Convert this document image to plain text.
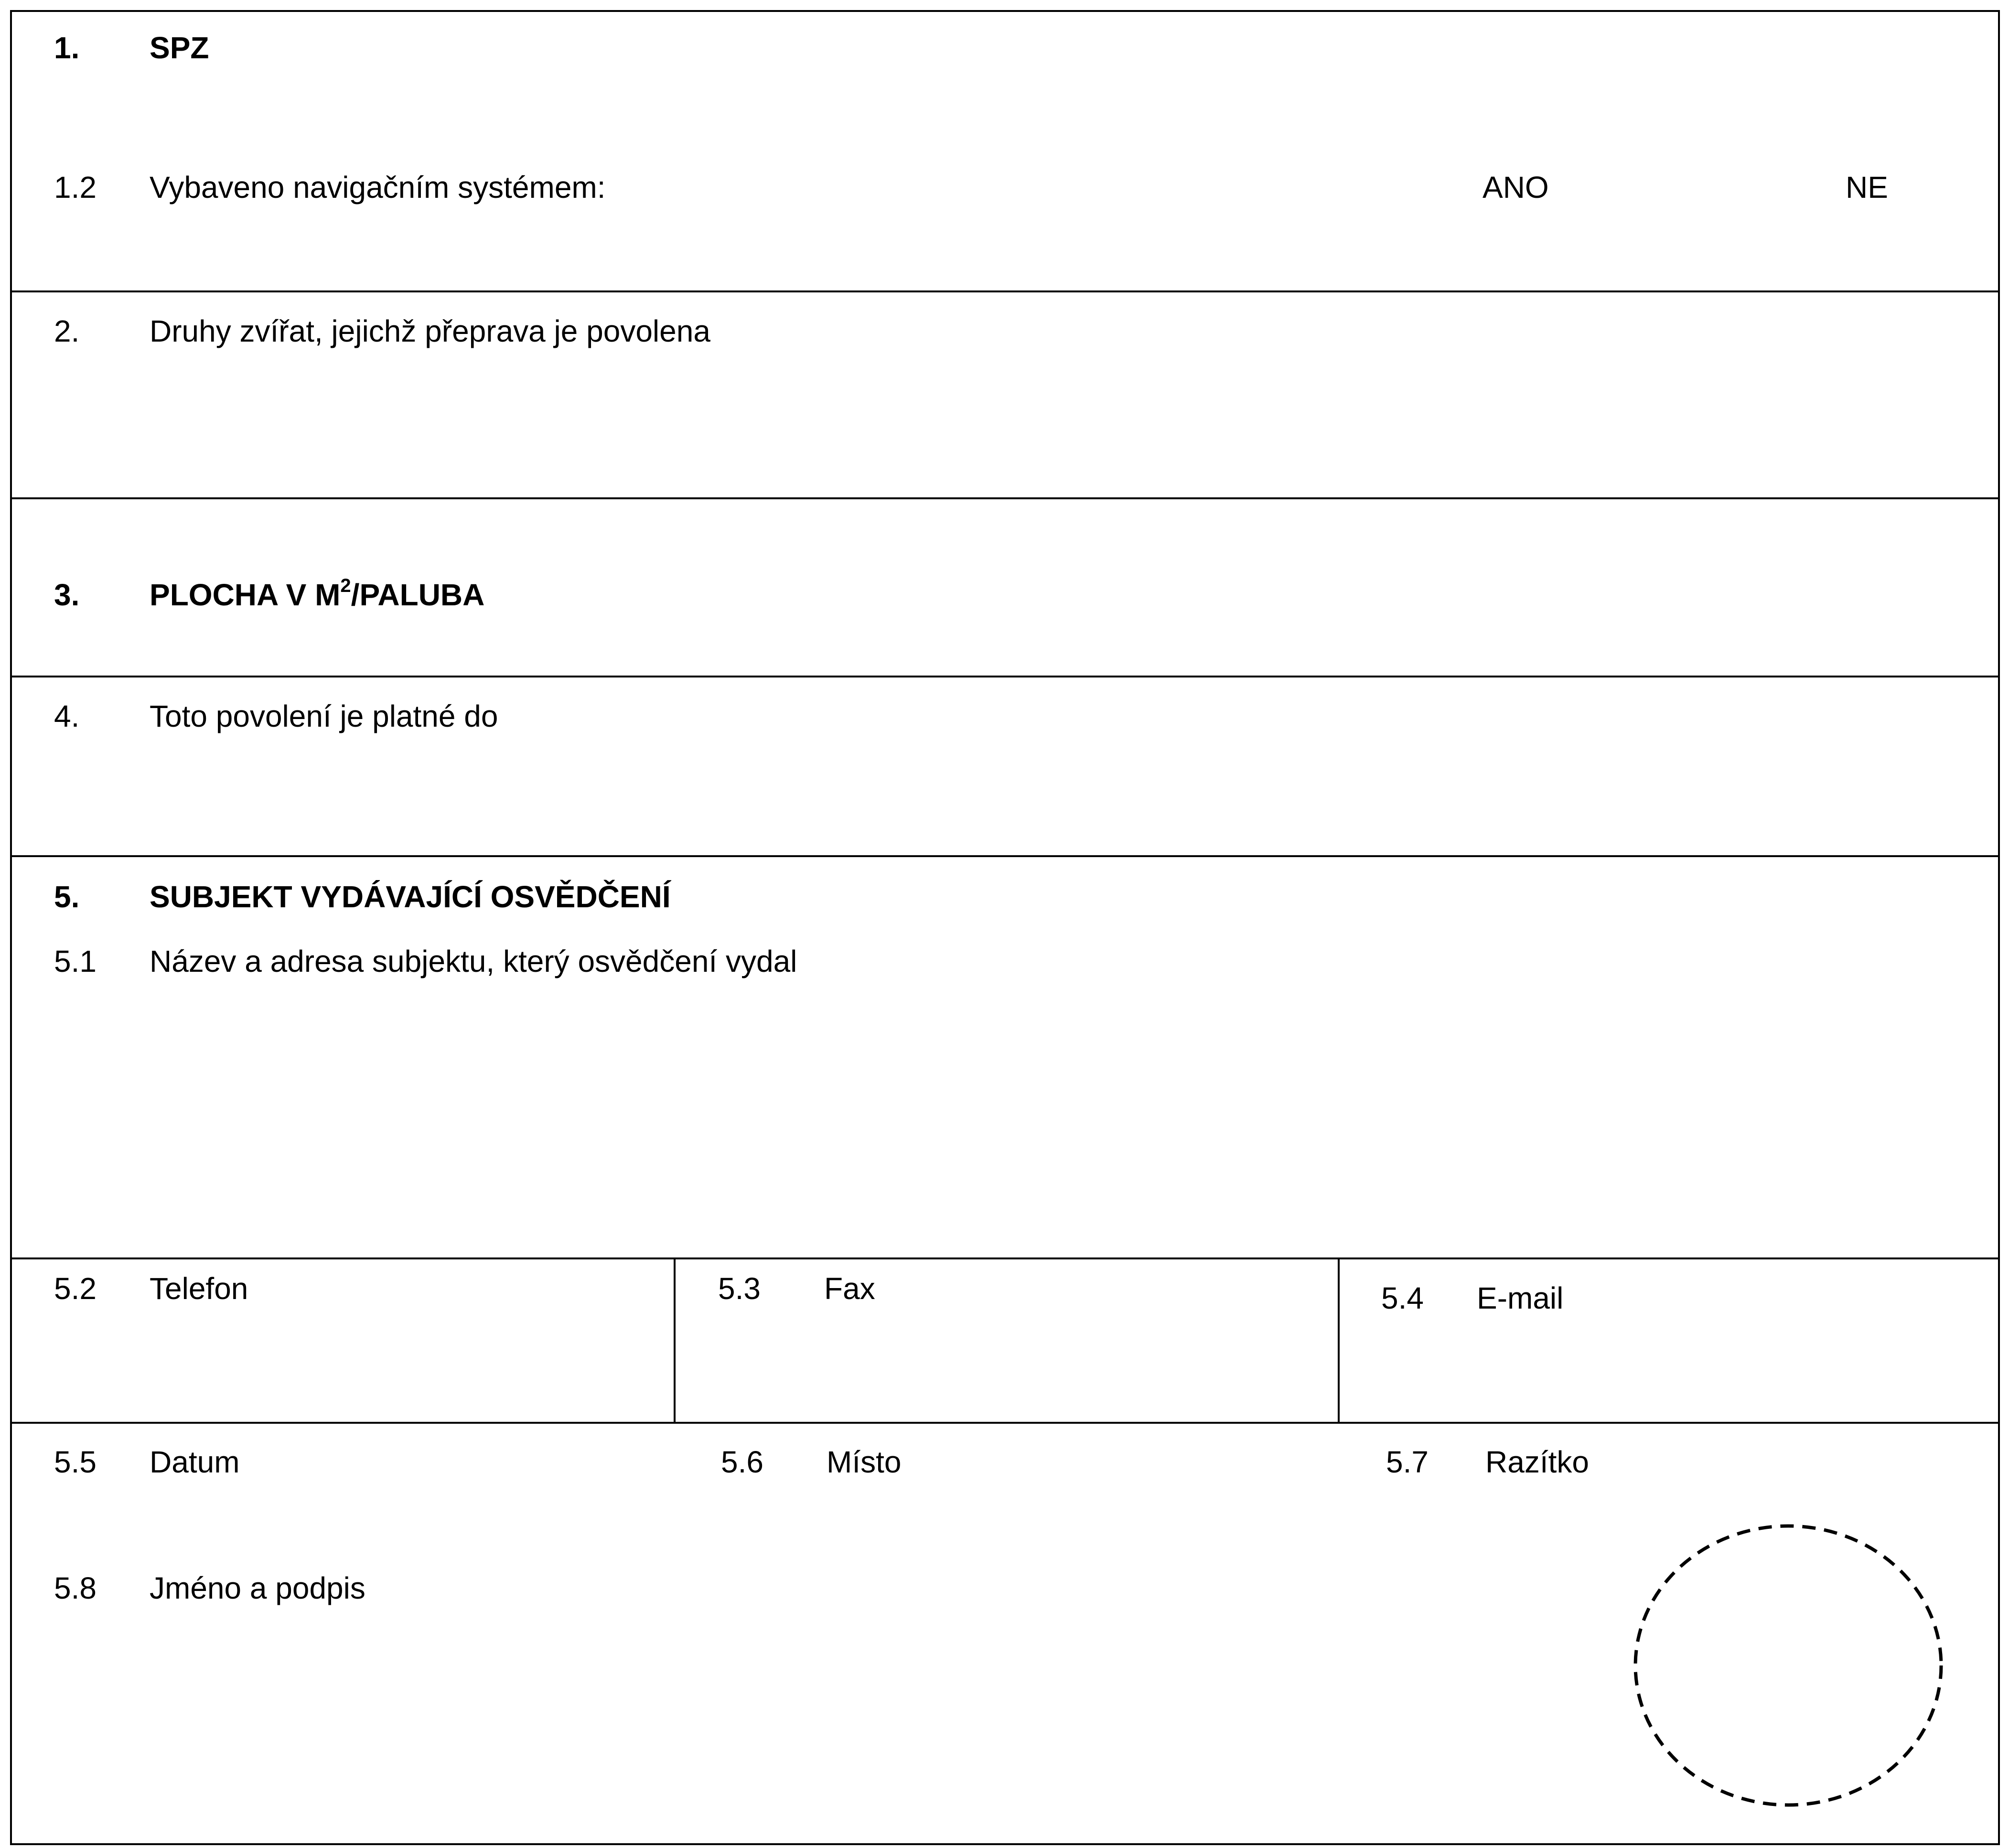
1. SPZ
1.2 Vybaveno navigačním systémem:	ANO	NE
2. Druhy zvířat, jejichž přeprava je povolena
3. PLOCHA V $M^2$/PALUBA
4. Toto povolení je platné do
5. SUBJEKT VYDÁVAJÍCÍ OSVĚDČENÍ
5.1 Název a adresa subjektu, který osvědčení vydal
5.2 Telefon	5.3 Fax	5.4 E-mail
5.5 Datum	5.6 Místo	5.7 Razítko
5.8 Jméno a podpis
